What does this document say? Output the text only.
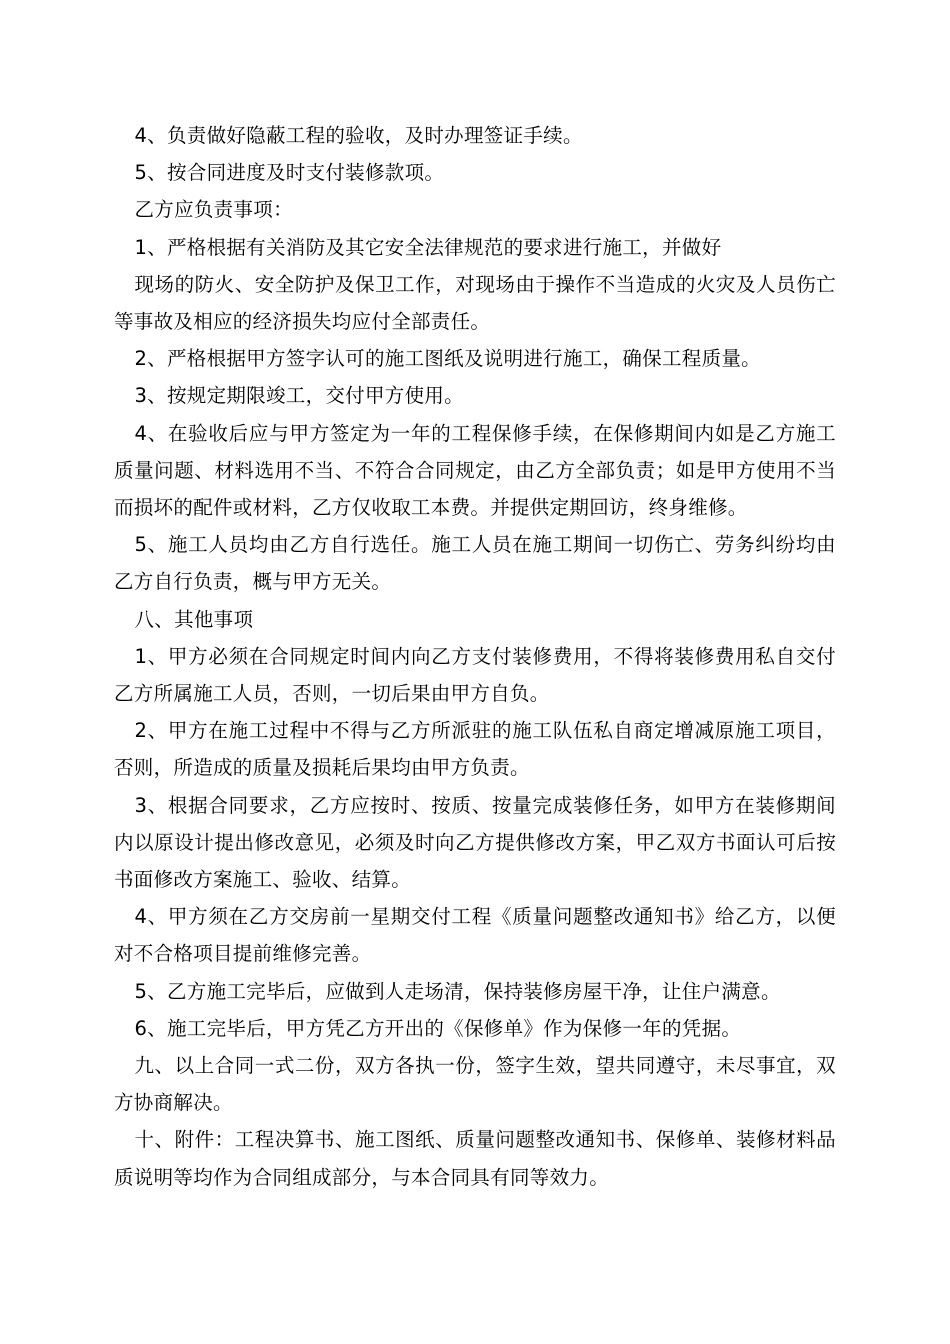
4、负责做好隐蔽工程的验收，及时办理签证手续。

5、按合同进度及时支付装修款项。

乙方应负责事项：

1、严格根据有关消防及其它安全法律规范的要求进行施工，并做好

现场的防火、安全防护及保卫工作，对现场由于操作不当造成的火灾及人员伤亡等事故及相应的经济损失均应付全部责任。

2、严格根据甲方签字认可的施工图纸及说明进行施工，确保工程质量。

3、按规定期限竣工，交付甲方使用。

4、在验收后应与甲方签定为一年的工程保修手续，在保修期间内如是乙方施工质量问题、材料选用不当、不符合合同规定，由乙方全部负责；如是甲方使用不当而损坏的配件或材料，乙方仅收取工本费。并提供定期回访，终身维修。

5、施工人员均由乙方自行选任。施工人员在施工期间一切伤亡、劳务纠纷均由乙方自行负责，概与甲方无关。

八、其他事项

1、甲方必须在合同规定时间内向乙方支付装修费用，不得将装修费用私自交付乙方所属施工人员，否则，一切后果由甲方自负。

2、甲方在施工过程中不得与乙方所派驻的施工队伍私自商定增减原施工项目，否则，所造成的质量及损耗后果均由甲方负责。

3、根据合同要求，乙方应按时、按质、按量完成装修任务，如甲方在装修期间内以原设计提出修改意见，必须及时向乙方提供修改方案，甲乙双方书面认可后按书面修改方案施工、验收、结算。

4、甲方须在乙方交房前一星期交付工程《质量问题整改通知书》给乙方，以便对不合格项目提前维修完善。

5、乙方施工完毕后，应做到人走场清，保持装修房屋干净，让住户满意。

6、施工完毕后，甲方凭乙方开出的《保修单》作为保修一年的凭据。

九、以上合同一式二份，双方各执一份，签字生效，望共同遵守，未尽事宜，双方协商解决。

十、附件：工程决算书、施工图纸、质量问题整改通知书、保修单、装修材料品质说明等均作为合同组成部分，与本合同具有同等效力。
